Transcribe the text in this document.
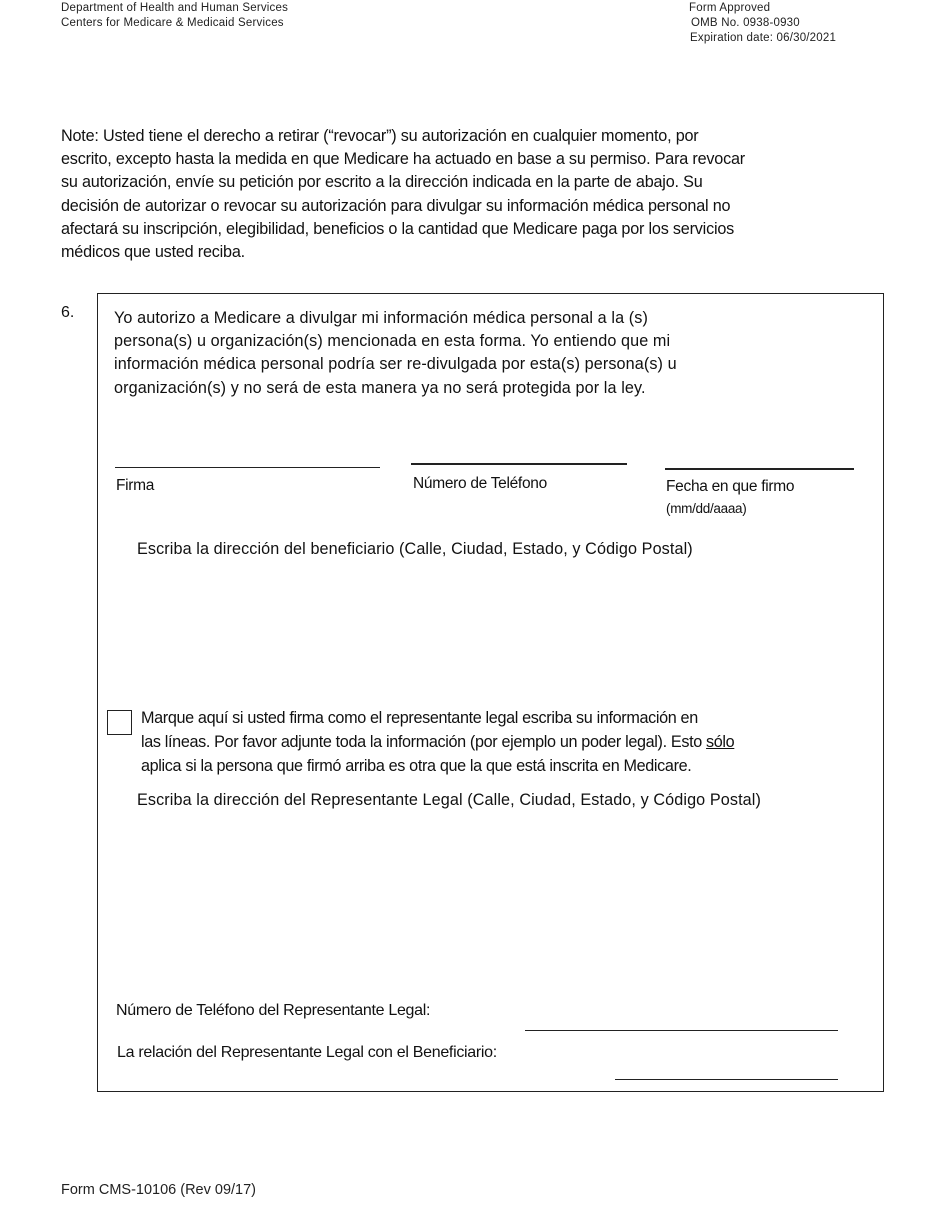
Department of Health and Human Services
Centers for Medicare & Medicaid Services
Form Approved
OMB No. 0938-0930
Expiration date: 06/30/2021
Note: Usted tiene el derecho a retirar (“revocar”) su autorización en cualquier momento, por
escrito, excepto hasta la medida en que Medicare ha actuado en base a su permiso. Para revocar
su autorización, envíe su petición por escrito a la dirección indicada en la parte de abajo. Su
decisión de autorizar o revocar su autorización para divulgar su información médica personal no
afectará su inscripción, elegibilidad, beneficios o la cantidad que Medicare paga por los servicios
médicos que usted reciba.
6. Yo autorizo a Medicare a divulgar mi información médica personal a la (s)
persona(s) u organización(s) mencionada en esta forma. Yo entiendo que mi
información médica personal podría ser re-divulgada por esta(s) persona(s) u
organización(s) y no será de esta manera ya no será protegida por la ley.
Firma	Número de Teléfono	Fecha en que firmo
(mm/dd/aaaa)
Escriba la dirección del beneficiario (Calle, Ciudad, Estado, y Código Postal)
Marque aquí si usted firma como el representante legal escriba su información en
las líneas. Por favor adjunte toda la información (por ejemplo un poder legal). Esto sólo
aplica si la persona que firmó arriba es otra que la que está inscrita en Medicare.
Escriba la dirección del Representante Legal (Calle, Ciudad, Estado, y Código Postal)
Número de Teléfono del Representante Legal:
La relación del Representante Legal con el Beneficiario:
Form CMS-10106 (Rev 09/17)
